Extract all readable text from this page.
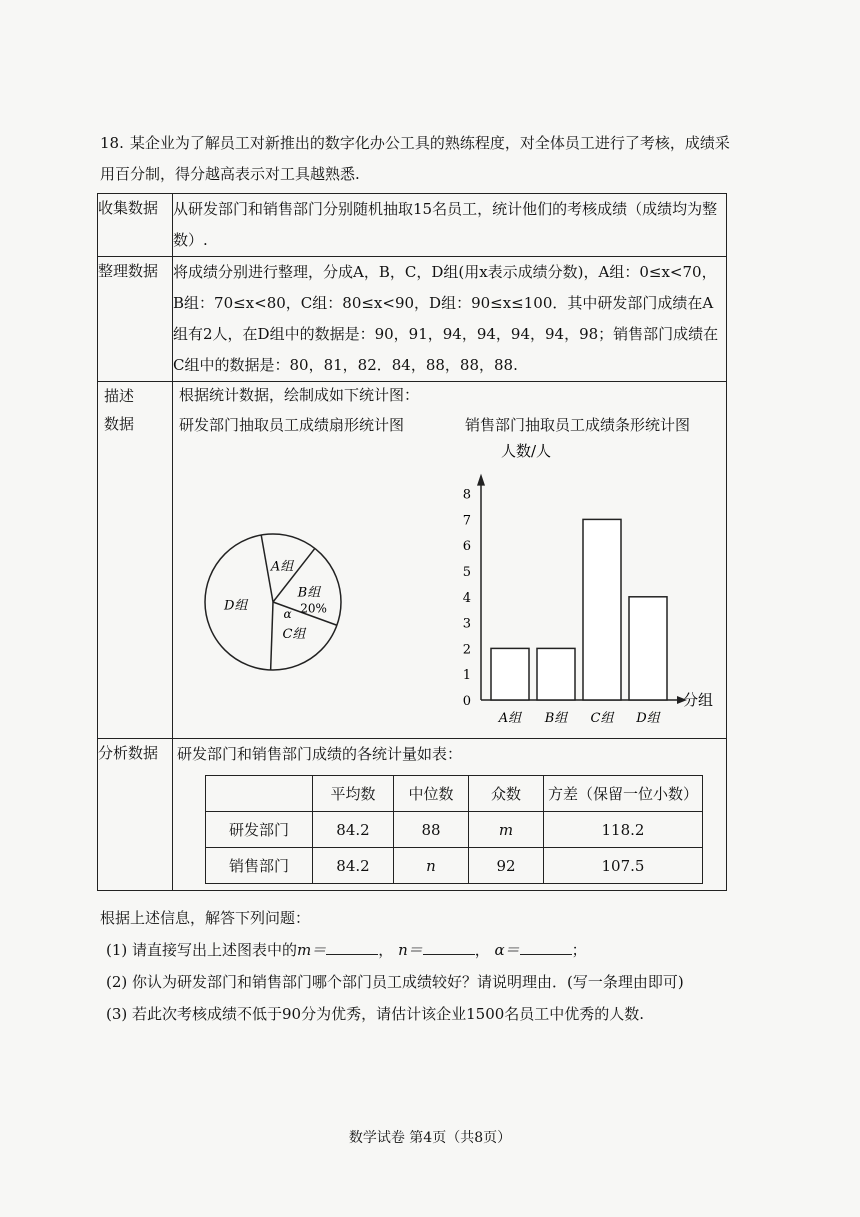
18. 某企业为了解员工对新推出的数字化办公工具的熟练程度，对全体员工进行了考核，成绩采用百分制，得分越高表示对工具越熟悉.
收集数据	从研发部门和销售部门分别随机抽取15名员工，统计他们的考核成绩（成绩均为整数）.
整理数据	将成绩分别进行整理，分成A，B，C，D组(用x表示成绩分数)，A组：0≤x<70，B组：70≤x<80，C组：80≤x<90，D组：90≤x≤100．其中研发部门成绩在A组有2人，在D组中的数据是：90，91，94，94，94，94，98；销售部门成绩在C组中的数据是：80，81，82．84，88，88，88.
描述数据	
根据统计数据，绘制成如下统计图：
研发部门抽取员工成绩扇形统计图	销售部门抽取员工成绩条形统计图
A组
B组
20%
C组
α
D组
人数/人
0
1
2
3
4
5
6
7
8
A组 B组 C组 D组
分组

分析数据	研发部门和销售部门成绩的各统计量如表：
	平均数	中位数	众数	方差（保留一位小数）
研发部门	84.2	88	m	118.2
销售部门	84.2	n	92	107.5
根据上述信息，解答下列问题：
(1) 请直接写出上述图表中的m＝	， n＝	， α＝	；
(2) 你认为研发部门和销售部门哪个部门员工成绩较好？请说明理由．(写一条理由即可)
(3) 若此次考核成绩不低于90分为优秀，请估计该企业1500名员工中优秀的人数.
数学试卷 第4页（共8页）
